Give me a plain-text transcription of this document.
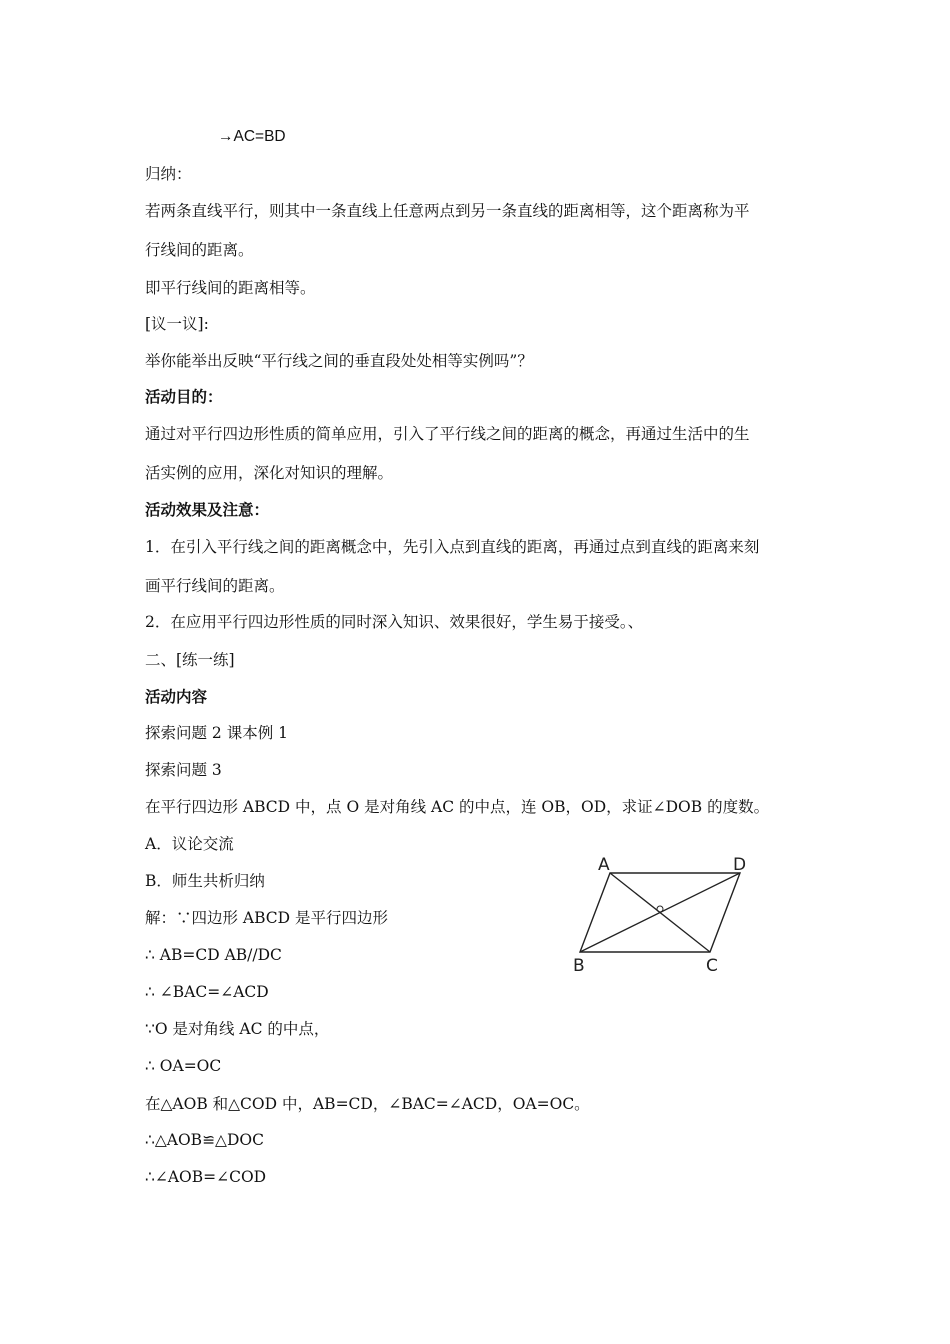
→AC=BD
归纳：
若两条直线平行，则其中一条直线上任意两点到另一条直线的距离相等，这个距离称为平
行线间的距离。
即平行线间的距离相等。
[议一议]:
举你能举出反映“平行线之间的垂直段处处相等实例吗”？
活动目的：
通过对平行四边形性质的简单应用，引入了平行线之间的距离的概念，再通过生活中的生
活实例的应用，深化对知识的理解。
活动效果及注意：
1．在引入平行线之间的距离概念中，先引入点到直线的距离，再通过点到直线的距离来刻
画平行线间的距离。
2．在应用平行四边形性质的同时深入知识、效果很好，学生易于接受。、
二、[练一练]
活动内容
探索问题 2 课本例 1
探索问题 3
在平行四边形 ABCD 中，点 O 是对角线 AC 的中点，连 OB，OD，求证∠DOB 的度数。
A．议论交流
B．师生共析归纳
解：∵四边形 ABCD 是平行四边形
∴ AB=CD AB//DC
∴ ∠BAC=∠ACD
∵O 是对角线 AC 的中点，
∴ OA=OC
在△AOB 和△COD 中，AB=CD，∠BAC=∠ACD，OA=OC。
∴△AOB≌△DOC
∴∠AOB=∠COD
A	D
B	C
